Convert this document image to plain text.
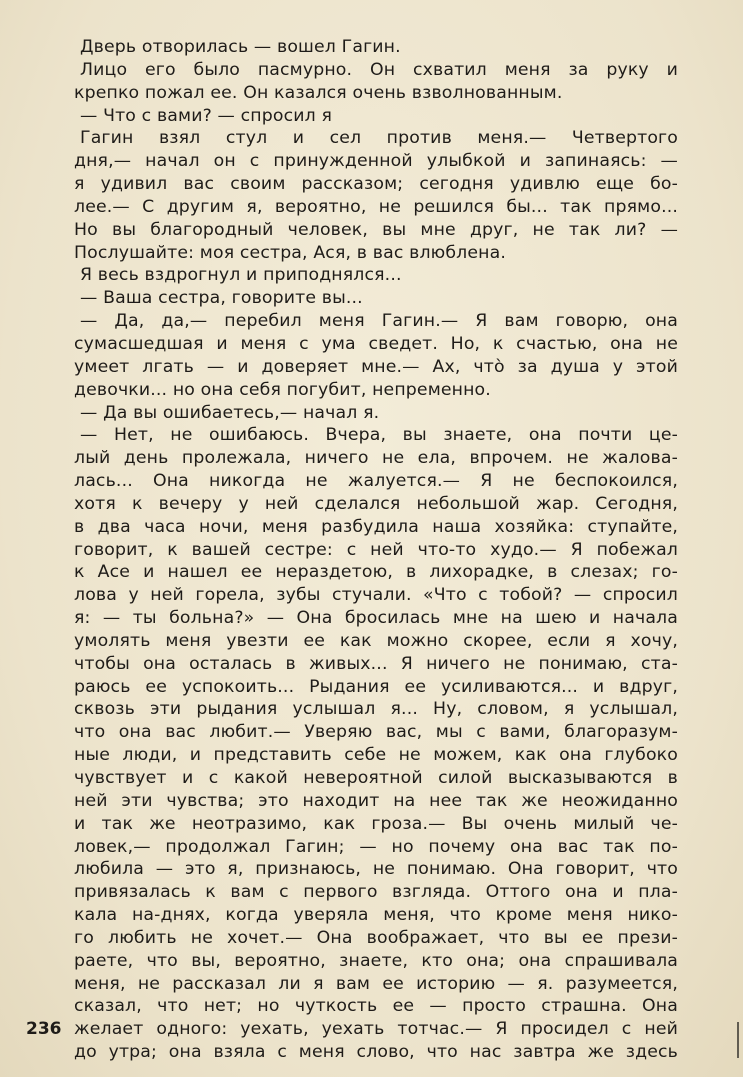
Дверь отворилась — вошел Гагин.
Лицо его было пасмурно. Он схватил меня за руку и
крепко пожал ее. Он казался очень взволнованным.
— Что с вами? — спросил я
Гагин взял стул и сел против меня.— Четвертого
дня,— начал он с принужденной улыбкой и запинаясь: —
я удивил вас своим рассказом; сегодня удивлю еще бо-
лее.— С другим я, вероятно, не решился бы... так прямо...
Но вы благородный человек, вы мне друг, не так ли? —
Послушайте: моя сестра, Ася, в вас влюблена.
Я весь вздрогнул и приподнялся...
— Ваша сестра, говорите вы...
— Да, да,— перебил меня Гагин.— Я вам говорю, она
сумасшедшая и меня с ума сведет. Но, к счастью, она не
умеет лгать — и доверяет мне.— Ах, что̀ за душа у этой
девочки... но она себя погубит, непременно.
— Да вы ошибаетесь,— начал я.
— Нет, не ошибаюсь. Вчера, вы знаете, она почти це-
лый день пролежала, ничего не ела, впрочем. не жалова-
лась... Она никогда не жалуется.— Я не беспокоился,
хотя к вечеру у ней сделался небольшой жар. Сегодня,
в два часа ночи, меня разбудила наша хозяйка: ступайте,
говорит, к вашей сестре: с ней что-то худо.— Я побежал
к Асе и нашел ее нераздетою, в лихорадке, в слезах; го-
лова у ней горела, зубы стучали. «Что с тобой? — спросил
я: — ты больна?» — Она бросилась мне на шею и начала
умолять меня увезти ее как можно скорее, если я хочу,
чтобы она осталась в живых... Я ничего не понимаю, ста-
раюсь ее успокоить... Рыдания ее усиливаются... и вдруг,
сквозь эти рыдания услышал я... Ну, словом, я услышал,
что она вас любит.— Уверяю вас, мы с вами, благоразум-
ные люди, и представить себе не можем, как она глубоко
чувствует и с какой невероятной силой высказываются в
ней эти чувства; это находит на нее так же неожиданно
и так же неотразимо, как гроза.— Вы очень милый че-
ловек,— продолжал Гагин; — но почему она вас так по-
любила — это я, признаюсь, не понимаю. Она говорит, что
привязалась к вам с первого взгляда. Оттого она и пла-
кала на-днях, когда уверяла меня, что кроме меня нико-
го любить не хочет.— Она воображает, что вы ее прези-
раете, что вы, вероятно, знаете, кто она; она спрашивала
меня, не рассказал ли я вам ее историю — я. разумеется,
сказал, что нет; но чуткость ее — просто страшна. Она
желает одного: уехать, уехать тотчас.— Я просидел с ней
до утра; она взяла с меня слово, что нас завтра же здесь
236
